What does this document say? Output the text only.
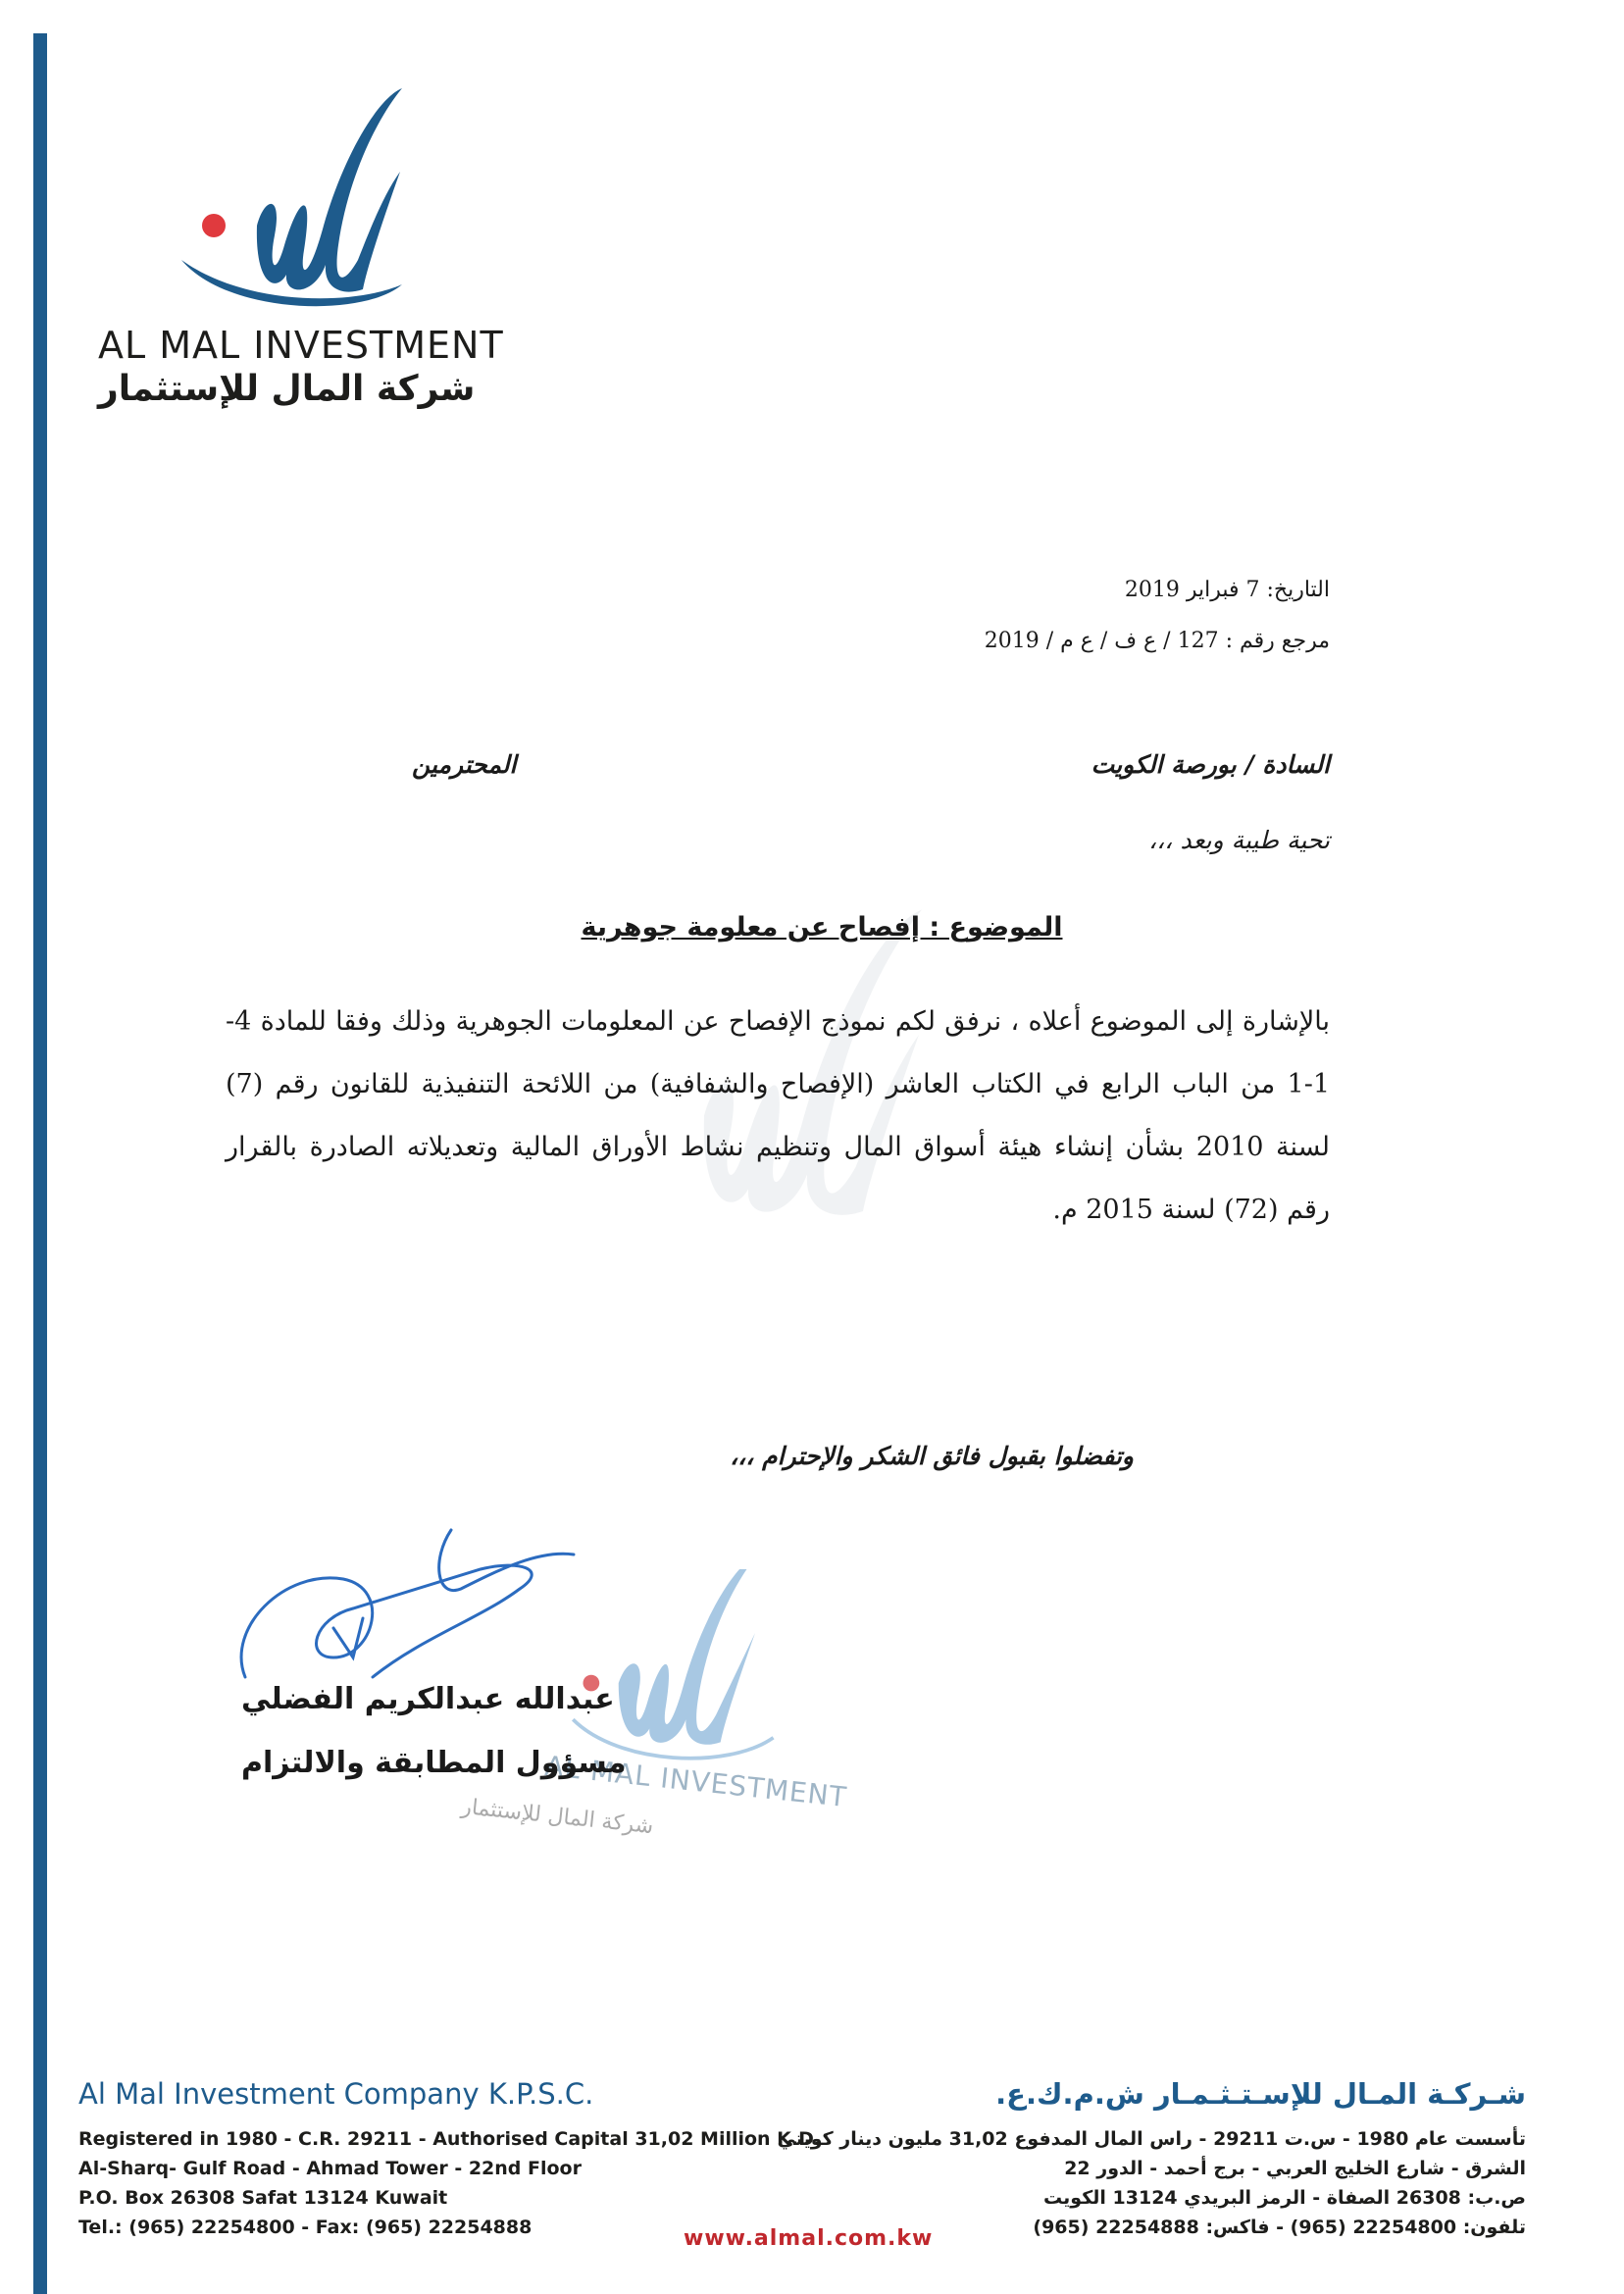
AL MAL INVESTMENT
شركة المال للإستثمار
التاريخ: 7 فبراير 2019
مرجع رقم : 127 / ع ف / ع م / 2019
السادة / بورصة الكويت
المحترمين
تحية طيبة وبعد ،،،
الموضوع : إفصاح عن معلومة جوهرية
بالإشارة إلى الموضوع أعلاه ، نرفق لكم نموذج الإفصاح عن المعلومات الجوهرية وذلك وفقا للمادة 4-1-1 من الباب الرابع في الكتاب العاشر (الإفصاح والشفافية) من اللائحة التنفيذية للقانون رقم (7) لسنة 2010 بشأن إنشاء هيئة أسواق المال وتنظيم نشاط الأوراق المالية وتعديلاته الصادرة بالقرار رقم (72) لسنة 2015 م.
وتفضلوا بقبول فائق الشكر والإحترام ،،،
AL MAL INVESTMENT
شركة المال للإستثمار
عبدالله عبدالكريم الفضلي
مسؤول المطابقة والالتزام
Al Mal Investment Company K.P.S.C.
Registered in 1980 - C.R. 29211 - Authorised Capital 31,02 Million K.D.
Al-Sharq- Gulf Road - Ahmad Tower - 22nd Floor
P.O. Box 26308 Safat 13124 Kuwait
Tel.: (965) 22254800 - Fax: (965) 22254888
شـركـة المـال للإسـتـثـمـار ش.م.ك.ع.
تأسست عام 1980 - س.ت 29211 - راس المال المدفوع 31,02 مليون دينار كويتي
الشرق - شارع الخليج العربي - برج أحمد - الدور 22
ص.ب: 26308 الصفاة - الرمز البريدي 13124 الكويت
تلفون: 22254800 (965) - فاكس: 22254888 (965)
www.almal.com.kw
